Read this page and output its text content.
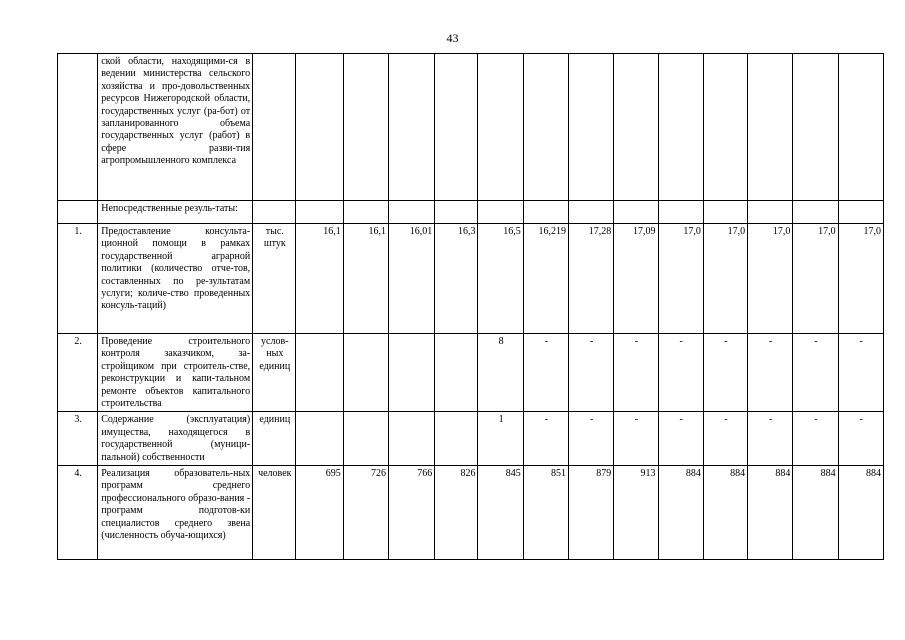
43

	ской области, находящими-ся в ведении министерства сельского хозяйства и про-довольственных ресурсов Нижегородской области, государственных услуг (ра-бот) от запланированного объема государственных услуг (работ) в сфере разви-тия агропромышленного комплекса														

	Непосредственные резуль-таты:														

1.	Предоставление консульта-ционной помощи в рамках государственной аграрной политики (количество отче-тов, составленных по ре-зультатам услуги; количе-ство проведенных консуль-таций)	тыс. штук	16,1	16,1	16,01	16,3	16,5	16,219	17,28	17,09	17,0	17,0	17,0	17,0	17,0
2.	Проведение строительного контроля заказчиком, за-стройщиком при строитель-стве, реконструкции и капи-тальном ремонте объектов капитального строительства	услов-ных единиц					8	-	-	-	-	-	-	-	-
3.	Содержание (эксплуатация) имущества, находящегося в государственной (муници-пальной) собственности	единиц					1	-	-	-	-	-	-	-	-
4.	Реализация образователь-ных программ среднего профессионального образо-вания - программ подготов-ки специалистов среднего звена (численность обуча-ющихся)	человек	695	726	766	826	845	851	879	913	884	884	884	884	884
